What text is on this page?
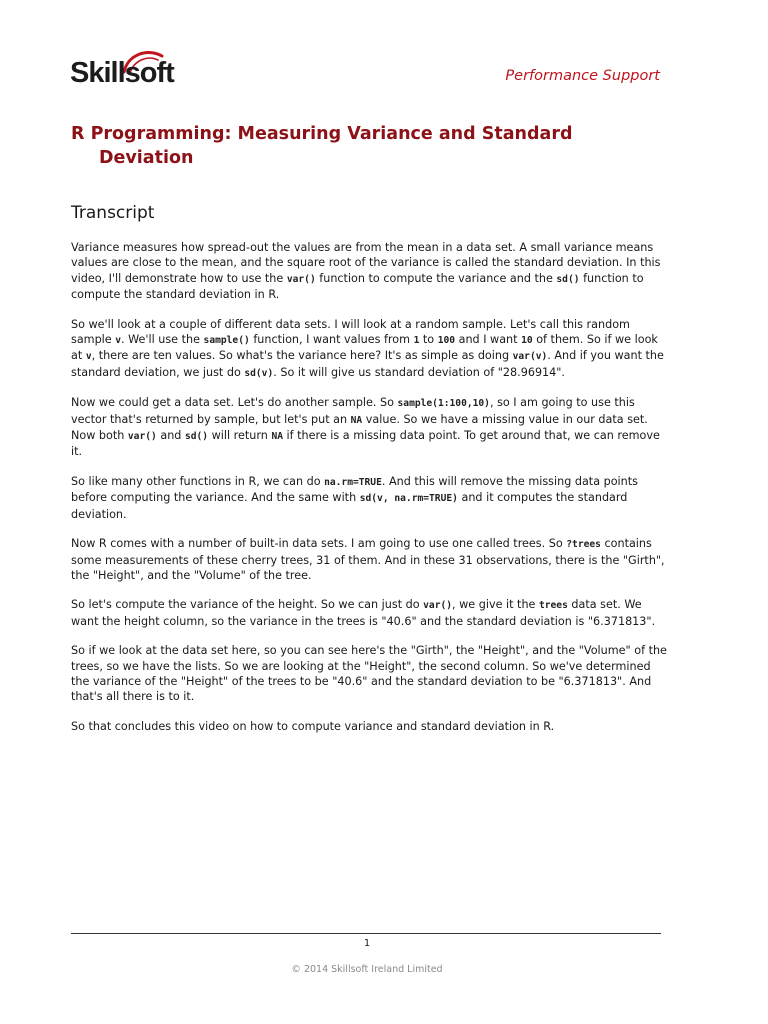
Skillsoft	Performance Support
R Programming: Measuring Variance and Standard
Deviation
Transcript

Variance measures how spread-out the values are from the mean in a data set. A small variance means values are close to the mean, and the square root of the variance is called the standard deviation. In this video, I'll demonstrate how to use the var() function to compute the variance and the sd() function to compute the standard deviation in R.

So we'll look at a couple of different data sets. I will look at a random sample. Let's call this random sample v. We'll use the sample() function, I want values from 1 to 100 and I want 10 of them. So if we look at v, there are ten values. So what's the variance here? It's as simple as doing var(v). And if you want the standard deviation, we just do sd(v). So it will give us standard deviation of "28.96914".

Now we could get a data set. Let's do another sample. So sample(1:100,10), so I am going to use this vector that's returned by sample, but let's put an NA value. So we have a missing value in our data set. Now both var() and sd() will return NA if there is a missing data point. To get around that, we can remove it.

So like many other functions in R, we can do na.rm=TRUE. And this will remove the missing data points before computing the variance. And the same with sd(v, na.rm=TRUE) and it computes the standard deviation.

Now R comes with a number of built-in data sets. I am going to use one called trees. So ?trees contains some measurements of these cherry trees, 31 of them. And in these 31 observations, there is the "Girth", the "Height", and the "Volume" of the tree.

So let's compute the variance of the height. So we can just do var(), we give it the trees data set. We want the height column, so the variance in the trees is "40.6" and the standard deviation is "6.371813".

So if we look at the data set here, so you can see here's the "Girth", the "Height", and the "Volume" of the trees, so we have the lists. So we are looking at the "Height", the second column. So we've determined the variance of the "Height" of the trees to be "40.6" and the standard deviation to be "6.371813". And that's all there is to it.

So that concludes this video on how to compute variance and standard deviation in R.

1
© 2014 Skillsoft Ireland Limited
